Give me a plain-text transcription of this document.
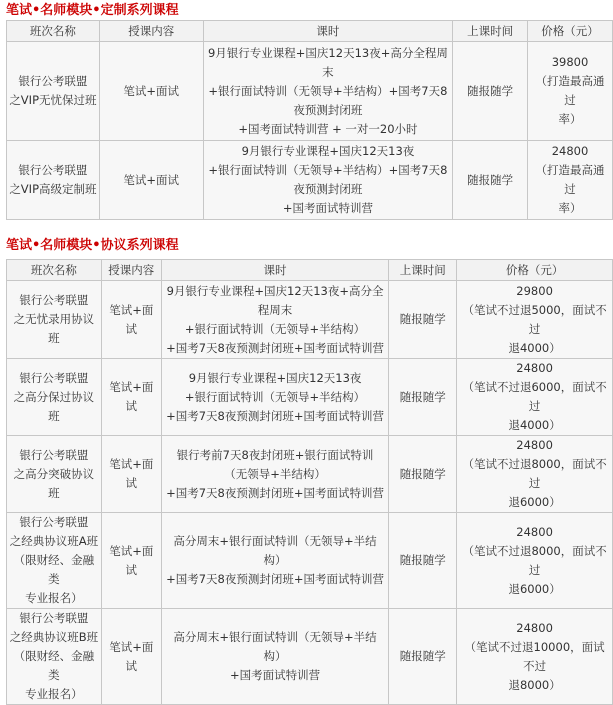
笔试•名师模块•定制系列课程
班次名称	授课内容	课时	上课时间	价格（元）

银行公考联盟
之VIP无忧保过班	笔试+面试	9月银行专业课程+国庆12天13夜+高分全程周
末
+银行面试特训（无领导+半结构）+国考7天8
夜预测封闭班
+国考面试特训营 + 一对一20小时	随报随学	39800
（打造最高通过
率）

银行公考联盟
之VIP高级定制班	笔试+面试	9月银行专业课程+国庆12天13夜
+银行面试特训（无领导+半结构）+国考7天8
夜预测封闭班
+国考面试特训营	随报随学	24800
（打造最高通过
率）
笔试•名师模块•协议系列课程
班次名称	授课内容	课时	上课时间	价格（元）

银行公考联盟
之无忧录用协议班	笔试+面
试	9月银行专业课程+国庆12天13夜+高分全
程周末
+银行面试特训（无领导+半结构）
+国考7天8夜预测封闭班+国考面试特训营	随报随学	29800
（笔试不过退5000，面试不过
退4000）

银行公考联盟
之高分保过协议班	笔试+面
试	9月银行专业课程+国庆12天13夜
+银行面试特训（无领导+半结构）
+国考7天8夜预测封闭班+国考面试特训营	随报随学	24800
（笔试不过退6000，面试不过
退4000）

银行公考联盟
之高分突破协议班	笔试+面
试	银行考前7天8夜封闭班+银行面试特训
（无领导+半结构）
+国考7天8夜预测封闭班+国考面试特训营	随报随学	24800
（笔试不过退8000，面试不过
退6000）

银行公考联盟
之经典协议班A班
（限财经、金融类
专业报名）	笔试+面
试	高分周末+银行面试特训（无领导+半结
构）
+国考7天8夜预测封闭班+国考面试特训营	随报随学	24800
（笔试不过退8000，面试不过
退6000）

银行公考联盟
之经典协议班B班
（限财经、金融类
专业报名）	笔试+面
试	高分周末+银行面试特训（无领导+半结
构）
+国考面试特训营	随报随学	24800
（笔试不过退10000，面试不过
退8000）
